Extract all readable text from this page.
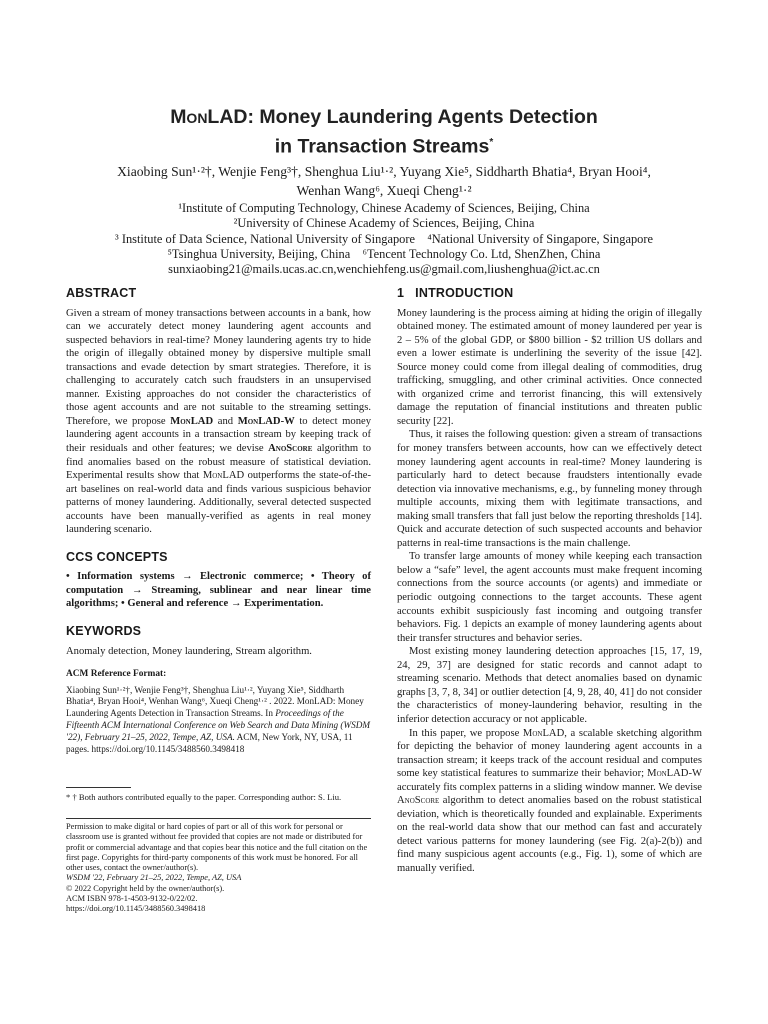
MonLAD: Money Laundering Agents Detection
in Transaction Streams*
Xiaobing Sun¹·²†, Wenjie Feng³†, Shenghua Liu¹·², Yuyang Xie⁵, Siddharth Bhatia⁴, Bryan Hooi⁴,
Wenhan Wang⁶, Xueqi Cheng¹·²
¹Institute of Computing Technology, Chinese Academy of Sciences, Beijing, China
²University of Chinese Academy of Sciences, Beijing, China
³ Institute of Data Science, National University of Singapore    ⁴National University of Singapore, Singapore
⁵Tsinghua University, Beijing, China    ⁶Tencent Technology Co. Ltd, ShenZhen, China
sunxiaobing21@mails.ucas.ac.cn,wenchiehfeng.us@gmail.com,liushenghua@ict.ac.cn
ABSTRACT

Given a stream of money transactions between accounts in a bank, how can we accurately detect money laundering agent accounts and suspected behaviors in real-time? Money laundering agents try to hide the origin of illegally obtained money by dispersive multiple small transactions and evade detection by smart strategies. Therefore, it is challenging to accurately catch such fraudsters in an unsupervised manner. Existing approaches do not consider the characteristics of those agent accounts and are not suitable to the streaming settings. Therefore, we propose MonLAD and MonLAD-W to detect money laundering agent accounts in a transaction stream by keeping track of their residuals and other features; we devise AnoScore algorithm to find anomalies based on the robust measure of statistical deviation. Experimental results show that MonLAD outperforms the state-of-the-art baselines on real-world data and finds various suspicious behavior patterns of money laundering. Additionally, several detected suspected accounts have been manually-verified as agents in real money laundering scenario.

CCS CONCEPTS

• Information systems → Electronic commerce; • Theory of computation → Streaming, sublinear and near linear time algorithms; • General and reference → Experimentation.

KEYWORDS

Anomaly detection, Money laundering, Stream algorithm.

ACM Reference Format:

Xiaobing Sun¹·²†, Wenjie Feng³†, Shenghua Liu¹·², Yuyang Xie⁵, Siddharth Bhatia⁴, Bryan Hooi⁴, Wenhan Wang⁶, Xueqi Cheng¹·² . 2022. MonLAD: Money Laundering Agents Detection in Transaction Streams. In Proceedings of the Fifteenth ACM International Conference on Web Search and Data Mining (WSDM '22), February 21–25, 2022, Tempe, AZ, USA. ACM, New York, NY, USA, 11 pages. https://doi.org/10.1145/3488560.3498418

* † Both authors contributed equally to the paper. Corresponding author: S. Liu.
Permission to make digital or hard copies of part or all of this work for personal or classroom use is granted without fee provided that copies are not made or distributed for profit or commercial advantage and that copies bear this notice and the full citation on the first page. Copyrights for third-party components of this work must be honored. For all other uses, contact the owner/author(s).
WSDM '22, February 21–25, 2022, Tempe, AZ, USA
© 2022 Copyright held by the owner/author(s).
ACM ISBN 978-1-4503-9132-0/22/02.
https://doi.org/10.1145/3488560.3498418
1   INTRODUCTION

Money laundering is the process aiming at hiding the origin of illegally obtained money. The estimated amount of money laundered per year is 2 – 5% of the global GDP, or $800 billion - $2 trillion US dollars and even a lower estimate is underlining the severity of the issue [42]. Source money could come from illegal dealing of commodities, drug trafficking, smuggling, and other criminal activities. Once connected with organized crime and terrorist financing, this will extensively damage the reputation of financial institutions and threaten public security [22].

Thus, it raises the following question: given a stream of transactions for money transfers between accounts, how can we effectively detect money laundering agent accounts in real-time? Money laundering is particularly hard to detect because fraudsters intentionally evade detection via innovative mechanisms, e.g., by funneling money through multiple accounts, mixing them with legitimate transactions, and making small transfers that fall just below the reporting thresholds [14]. Quick and accurate detection of such suspected accounts and behavior patterns in real-time transactions is the main challenge.

To transfer large amounts of money while keeping each transaction below a “safe” level, the agent accounts must make frequent incoming connections from the source accounts (or agents) and immediate or periodic outgoing connections to the target accounts. These agent accounts exhibit suspiciously fast incoming and outgoing transfer behaviors. Fig. 1 depicts an example of money laundering agents about their transfer structures and behavior series.

Most existing money laundering detection approaches [15, 17, 19, 24, 29, 37] are designed for static records and cannot adapt to streaming scenario. Methods that detect anomalies based on dynamic graphs [3, 7, 8, 34] or outlier detection [4, 9, 28, 40, 41] do not consider the characteristics of money-laundering behavior, resulting in the inferior detection accuracy or not applicable.

In this paper, we propose MonLAD, a scalable sketching algorithm for depicting the behavior of money laundering agent accounts in a transaction stream; it keeps track of the account residual and computes some key statistical features to summarize their behavior; MonLAD-W accurately fits complex patterns in a sliding window manner. We devise AnoScore algorithm to detect anomalies based on the robust statistical deviation, which is theoretically founded and explainable. Experiments on the real-world data show that our method can fast and accurately detect various patterns for money laundering (see Fig. 2(a)-2(b)) and find many suspicious agent accounts (e.g., Fig. 1), some of which are manually verified.
